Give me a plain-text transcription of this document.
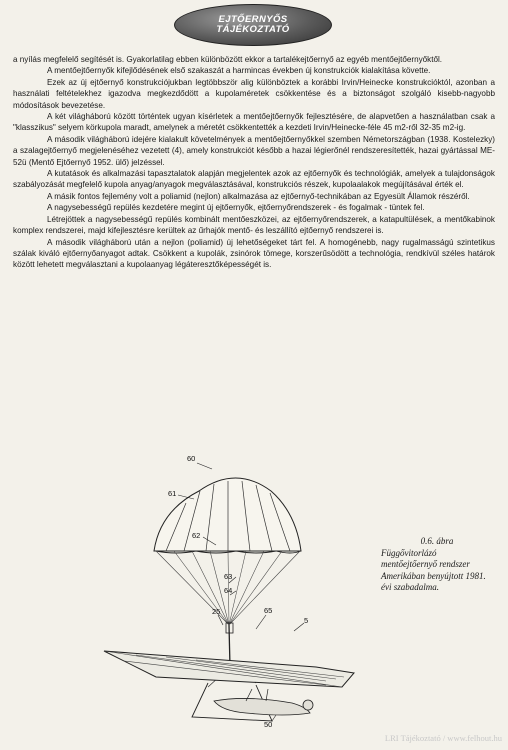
EJTŐERNYŐS
TÁJÉKOZTATÓ

a nyílás megfelelő segítését is. Gyakorlatilag ebben különbözött ekkor a tartalékejtőernyő az egyéb mentőejtőernyőktől.

A mentőejtőernyők kifejlődésének első szakaszát a harmincas években új konstrukciók kialakítása követte.

Ezek az új ejtőernyő konstrukciójukban legtöbbször alig különböztek a korábbi Irvin/Heinecke konstrukcióktól, azonban a használati feltételekhez igazodva megkezdődött a kupolaméretek csökkentése és a biztonságot szolgáló kisebb-nagyobb módosítások bevezetése.

A két világháború között történtek ugyan kísérletek a mentőejtőernyők fejlesztésére, de alapvetően a használatban csak a "klasszikus" selyem körkupola maradt, amelynek a méretét csökkentették a kezdeti Irvin/Heinecke-féle 45 m2-ről 32-35 m2-ig.

A második világháború idejére kialakult követelmények a mentőejtőernyőkkel szemben Németországban (1938. Kostelezky) a szalagejtőernyő megjelenéséhez vezetett (4), amely konstrukciót később a hazai légierőnél rendszeresítették, hazai gyártással ME-52ü (Mentő Ejtőernyő 1952. ülő) jelzéssel.

A kutatások és alkalmazási tapasztalatok alapján megjelentek azok az ejtőernyők és technológiák, amelyek a tulajdonságok szabályozását megfelelő kupola anyag/anyagok megválasztásával, konstrukciós részek, kupolaalakok megújításával érték el.

A másik fontos fejlemény volt a poliamid (nejlon) alkalmazása az ejtőernyő-technikában az Egyesült Államok részéről.

A nagysebességű repülés kezdetére megint új ejtőernyők, ejtőernyőrendszerek - és fogalmak - tüntek fel.

Létrejöttek a nagysebességű repülés kombinált mentőeszközei, az ejtőernyőrendszerek, a katapultülések, a mentőkabinok komplex rendszerei, majd kifejlesztésre kerültek az űrhajók mentő- és leszállító ejtőernyő rendszerei is.

A második világháború után a nejlon (poliamid) új lehetőségeket tárt fel. A homogénebb, nagy rugalmasságú szintetikus szálak kiváló ejtőernyőanyagot adtak. Csökkent a kupolák, zsinórok tömege, korszerűsödött a technológia, rendkívül széles határok között lehetett megválasztani a kupolaanyag légáteresztőképességét is.

60
61
62
63
64
25	65
5
50
0.6. ábra
Függővitorlázó mentőejtőernyő rendszer Amerikában benyújtott 1981. évi szabadalma.
LRI Tájékoztató / www.felhout.hu
